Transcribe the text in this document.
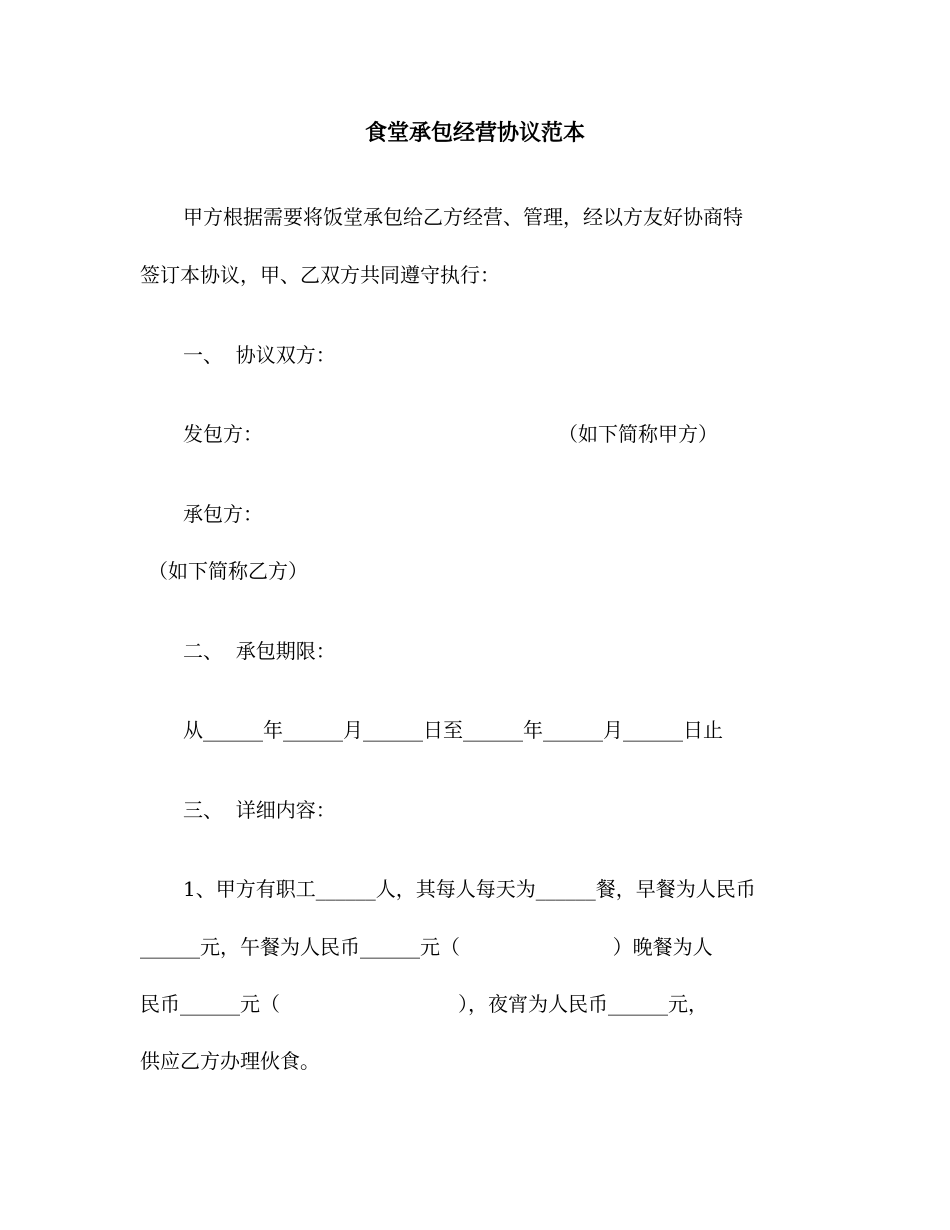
食堂承包经营协议范本
甲方根据需要将饭堂承包给乙方经营、管理，经以方友好协商特
签订本协议，甲、乙双方共同遵守执行：
一、  协议双方：
发包方：	（如下简称甲方）
承包方：
（如下简称乙方）
二、  承包期限：
从______年______月______日至______年______月______日止
三、  详细内容：
1、甲方有职工______人，其每人每天为______餐，早餐为人民币
______元，午餐为人民币______元（                        ）晚餐为人
民币______元（                            ），夜宵为人民币______元，
供应乙方办理伙食。
